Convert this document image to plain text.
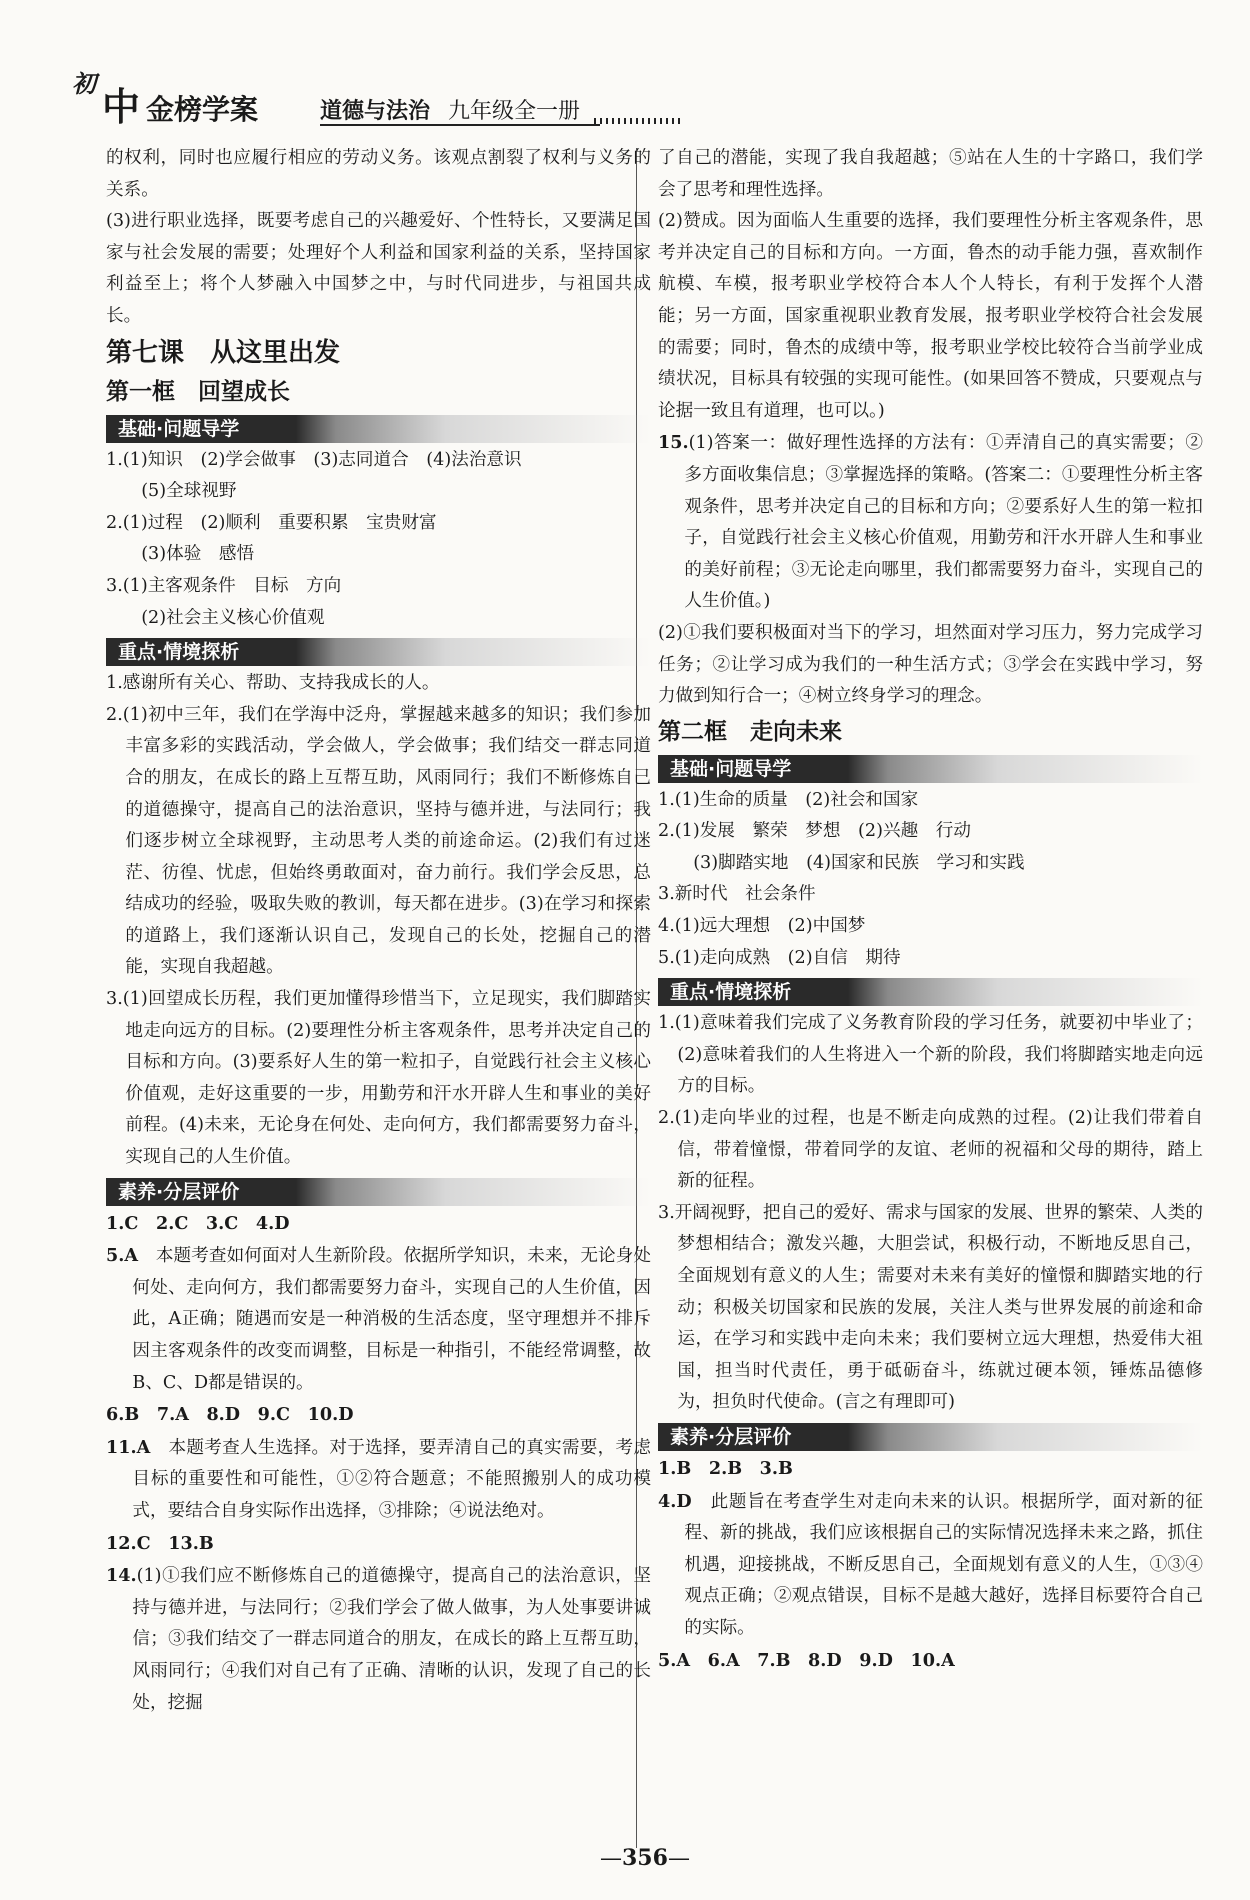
初
中 金榜学案	道德与法治 九年级全一册

的权利，同时也应履行相应的劳动义务。该观点割裂了权利与义务的关系。

(3)进行职业选择，既要考虑自己的兴趣爱好、个性特长，又要满足国家与社会发展的需要；处理好个人利益和国家利益的关系，坚持国家利益至上；将个人梦融入中国梦之中，与时代同进步，与祖国共成长。

第七课　从这里出发

第一框　回望成长

基础·问题导学

1.(1)知识　(2)学会做事　(3)志同道合　(4)法治意识

(5)全球视野

2.(1)过程　(2)顺利　重要积累　宝贵财富

(3)体验　感悟

3.(1)主客观条件　目标　方向

(2)社会主义核心价值观

重点·情境探析

1.感谢所有关心、帮助、支持我成长的人。

2.(1)初中三年，我们在学海中泛舟，掌握越来越多的知识；我们参加丰富多彩的实践活动，学会做人，学会做事；我们结交一群志同道合的朋友，在成长的路上互帮互助，风雨同行；我们不断修炼自己的道德操守，提高自己的法治意识，坚持与德并进，与法同行；我们逐步树立全球视野，主动思考人类的前途命运。(2)我们有过迷茫、彷徨、忧虑，但始终勇敢面对，奋力前行。我们学会反思，总结成功的经验，吸取失败的教训，每天都在进步。(3)在学习和探索的道路上，我们逐渐认识自己，发现自己的长处，挖掘自己的潜能，实现自我超越。

3.(1)回望成长历程，我们更加懂得珍惜当下，立足现实，我们脚踏实地走向远方的目标。(2)要理性分析主客观条件，思考并决定自己的目标和方向。(3)要系好人生的第一粒扣子，自觉践行社会主义核心价值观，走好这重要的一步，用勤劳和汗水开辟人生和事业的美好前程。(4)未来，无论身在何处、走向何方，我们都需要努力奋斗，实现自己的人生价值。

素养·分层评价

1.C　2.C　3.C　4.D

5.A　 本题考查如何面对人生新阶段。依据所学知识，未来，无论身处何处、走向何方，我们都需要努力奋斗，实现自己的人生价值，因此，A正确；随遇而安是一种消极的生活态度，坚守理想并不排斥因主客观条件的改变而调整，目标是一种指引，不能经常调整，故B、C、D都是错误的。

6.B　7.A　8.D　9.C　10.D

11.A　 本题考查人生选择。对于选择，要弄清自己的真实需要，考虑目标的重要性和可能性，①②符合题意；不能照搬别人的成功模式，要结合自身实际作出选择，③排除；④说法绝对。

12.C　13.B

14.(1)①我们应不断修炼自己的道德操守，提高自己的法治意识，坚持与德并进，与法同行；②我们学会了做人做事，为人处事要讲诚信；③我们结交了一群志同道合的朋友，在成长的路上互帮互助，风雨同行；④我们对自己有了正确、清晰的认识，发现了自己的长处，挖掘

了自己的潜能，实现了我自我超越；⑤站在人生的十字路口，我们学会了思考和理性选择。

(2)赞成。因为面临人生重要的选择，我们要理性分析主客观条件，思考并决定自己的目标和方向。一方面，鲁杰的动手能力强，喜欢制作航模、车模，报考职业学校符合本人个人特长，有利于发挥个人潜能；另一方面，国家重视职业教育发展，报考职业学校符合社会发展的需要；同时，鲁杰的成绩中等，报考职业学校比较符合当前学业成绩状况，目标具有较强的实现可能性。(如果回答不赞成，只要观点与论据一致且有道理，也可以。)

15.(1)答案一：做好理性选择的方法有：①弄清自己的真实需要；②多方面收集信息；③掌握选择的策略。(答案二：①要理性分析主客观条件，思考并决定自己的目标和方向；②要系好人生的第一粒扣子，自觉践行社会主义核心价值观，用勤劳和汗水开辟人生和事业的美好前程；③无论走向哪里，我们都需要努力奋斗，实现自己的人生价值。)

(2)①我们要积极面对当下的学习，坦然面对学习压力，努力完成学习任务；②让学习成为我们的一种生活方式；③学会在实践中学习，努力做到知行合一；④树立终身学习的理念。

第二框　走向未来

基础·问题导学

1.(1)生命的质量　(2)社会和国家

2.(1)发展　繁荣　梦想　(2)兴趣　行动

(3)脚踏实地　(4)国家和民族　学习和实践

3.新时代　社会条件

4.(1)远大理想　(2)中国梦

5.(1)走向成熟　(2)自信　期待

重点·情境探析

1.(1)意味着我们完成了义务教育阶段的学习任务，就要初中毕业了；(2)意味着我们的人生将进入一个新的阶段，我们将脚踏实地走向远方的目标。

2.(1)走向毕业的过程，也是不断走向成熟的过程。(2)让我们带着自信，带着憧憬，带着同学的友谊、老师的祝福和父母的期待，踏上新的征程。

3.开阔视野，把自己的爱好、需求与国家的发展、世界的繁荣、人类的梦想相结合；激发兴趣，大胆尝试，积极行动，不断地反思自己，全面规划有意义的人生；需要对未来有美好的憧憬和脚踏实地的行动；积极关切国家和民族的发展，关注人类与世界发展的前途和命运，在学习和实践中走向未来；我们要树立远大理想，热爱伟大祖国，担当时代责任，勇于砥砺奋斗，练就过硬本领，锤炼品德修为，担负时代使命。(言之有理即可)

素养·分层评价

1.B　2.B　3.B

4.D　 此题旨在考查学生对走向未来的认识。根据所学，面对新的征程、新的挑战，我们应该根据自己的实际情况选择未来之路，抓住机遇，迎接挑战，不断反思自己，全面规划有意义的人生，①③④观点正确；②观点错误，目标不是越大越好，选择目标要符合自己的实际。

5.A　6.A　7.B　8.D　9.D　10.A

— 356 —
